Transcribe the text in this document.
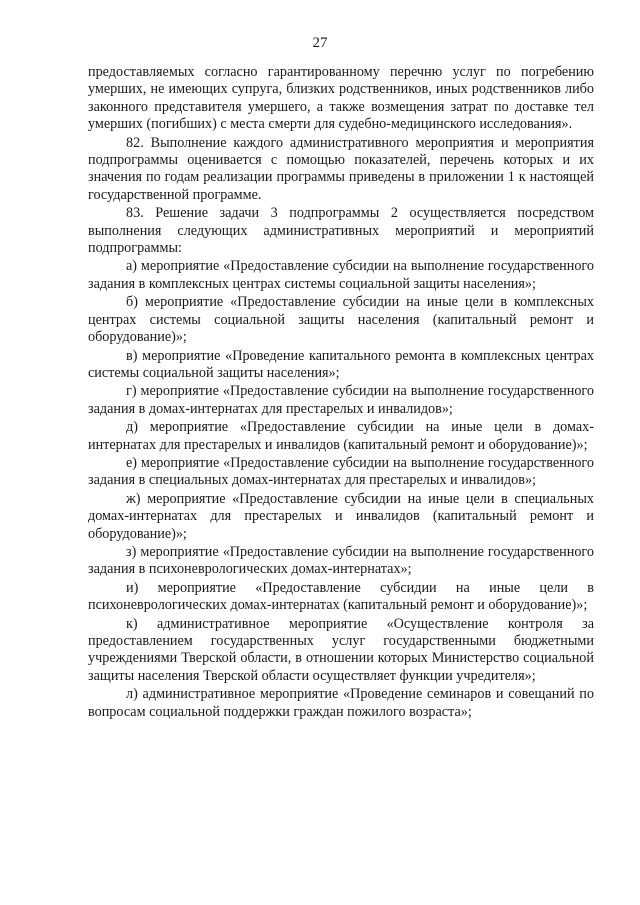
27

предоставляемых согласно гарантированному перечню услуг по погребению умерших, не имеющих супруга, близких родственников, иных родственников либо законного представителя умершего, а также возмещения затрат по доставке тел умерших (погибших) с места смерти для судебно-медицинского исследования».

82. Выполнение каждого административного мероприятия и мероприятия подпрограммы оценивается с помощью показателей, перечень которых и их значения по годам реализации программы приведены в приложении 1 к настоящей государственной программе.

83. Решение задачи 3 подпрограммы 2 осуществляется посредством выполнения следующих административных мероприятий и мероприятий подпрограммы:

а) мероприятие «Предоставление субсидии на выполнение государственного задания в комплексных центрах системы социальной защиты населения»;

б) мероприятие «Предоставление субсидии на иные цели в комплексных центрах системы социальной защиты населения (капитальный ремонт и оборудование)»;

в) мероприятие «Проведение капитального ремонта в комплексных центрах системы социальной защиты населения»;

г) мероприятие «Предоставление субсидии на выполнение государственного задания в домах-интернатах для престарелых и инвалидов»;

д) мероприятие «Предоставление субсидии на иные цели в домах-интернатах для престарелых и инвалидов (капитальный ремонт и оборудование)»;

е) мероприятие «Предоставление субсидии на выполнение государственного задания в специальных домах-интернатах для престарелых и инвалидов»;

ж) мероприятие «Предоставление субсидии на иные цели в специальных домах-интернатах для престарелых и инвалидов (капитальный ремонт и оборудование)»;

з) мероприятие «Предоставление субсидии на выполнение государственного задания в психоневрологических домах-интернатах»;

и) мероприятие «Предоставление субсидии на иные цели в психоневрологических домах-интернатах (капитальный ремонт и оборудование)»;

к) административное мероприятие «Осуществление контроля за предоставлением государственных услуг государственными бюджетными учреждениями Тверской области, в отношении которых Министерство социальной защиты населения Тверской области осуществляет функции учредителя»;

л) административное мероприятие «Проведение семинаров и совещаний по вопросам социальной поддержки граждан пожилого возраста»;
